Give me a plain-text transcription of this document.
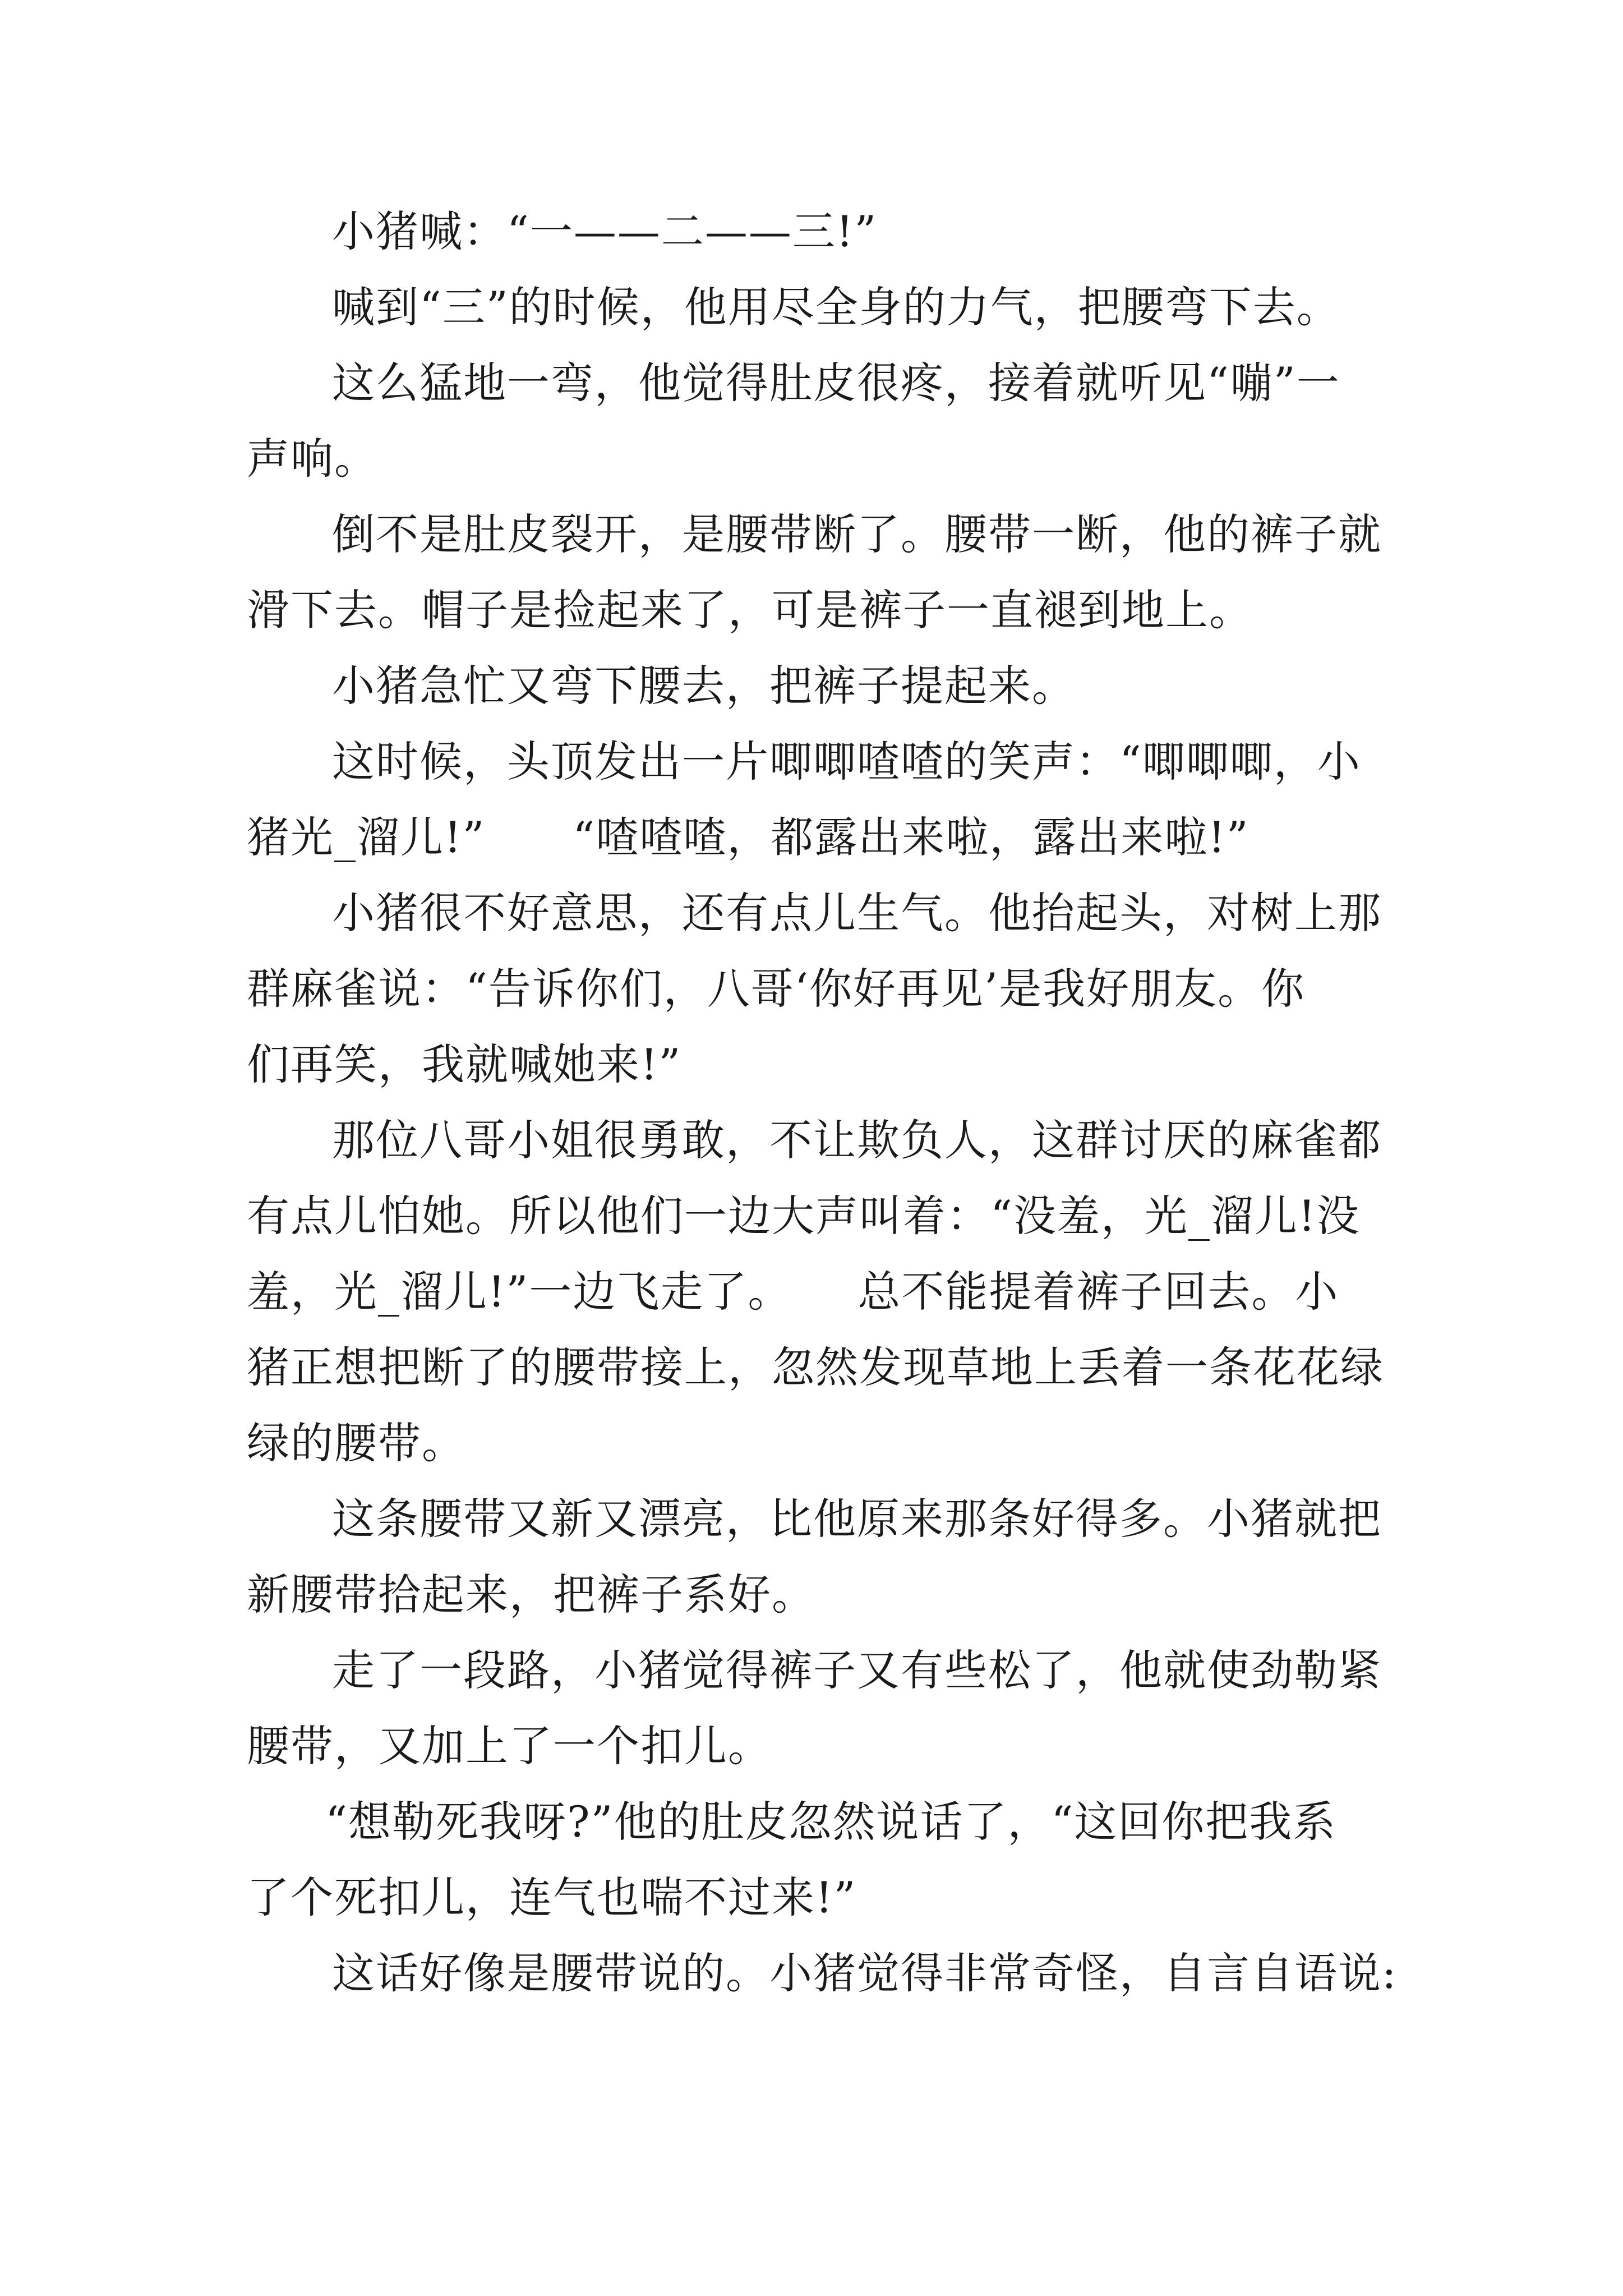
小猪喊：“一——二——三!”
喊到“三”的时候，他用尽全身的力气，把腰弯下去。
这么猛地一弯，他觉得肚皮很疼，接着就听见“嘣”一
声响。
倒不是肚皮裂开，是腰带断了。腰带一断，他的裤子就
滑下去。帽子是捡起来了，可是裤子一直褪到地上。
小猪急忙又弯下腰去，把裤子提起来。
这时候，头顶发出一片唧唧喳喳的笑声：“唧唧唧，小
猪光_溜儿!”　　“喳喳喳，都露出来啦，露出来啦!”
小猪很不好意思，还有点儿生气。他抬起头，对树上那
群麻雀说：“告诉你们，八哥‘你好再见’是我好朋友。你
们再笑，我就喊她来!”
那位八哥小姐很勇敢，不让欺负人，这群讨厌的麻雀都
有点儿怕她。所以他们一边大声叫着：“没羞，光_溜儿!没
羞，光_溜儿!”一边飞走了。　　总不能提着裤子回去。小
猪正想把断了的腰带接上，忽然发现草地上丢着一条花花绿
绿的腰带。
这条腰带又新又漂亮，比他原来那条好得多。小猪就把
新腰带拾起来，把裤子系好。
走了一段路，小猪觉得裤子又有些松了，他就使劲勒紧
腰带，又加上了一个扣儿。
“想勒死我呀?”他的肚皮忽然说话了，“这回你把我系
了个死扣儿，连气也喘不过来!”
这话好像是腰带说的。小猪觉得非常奇怪，自言自语说:
